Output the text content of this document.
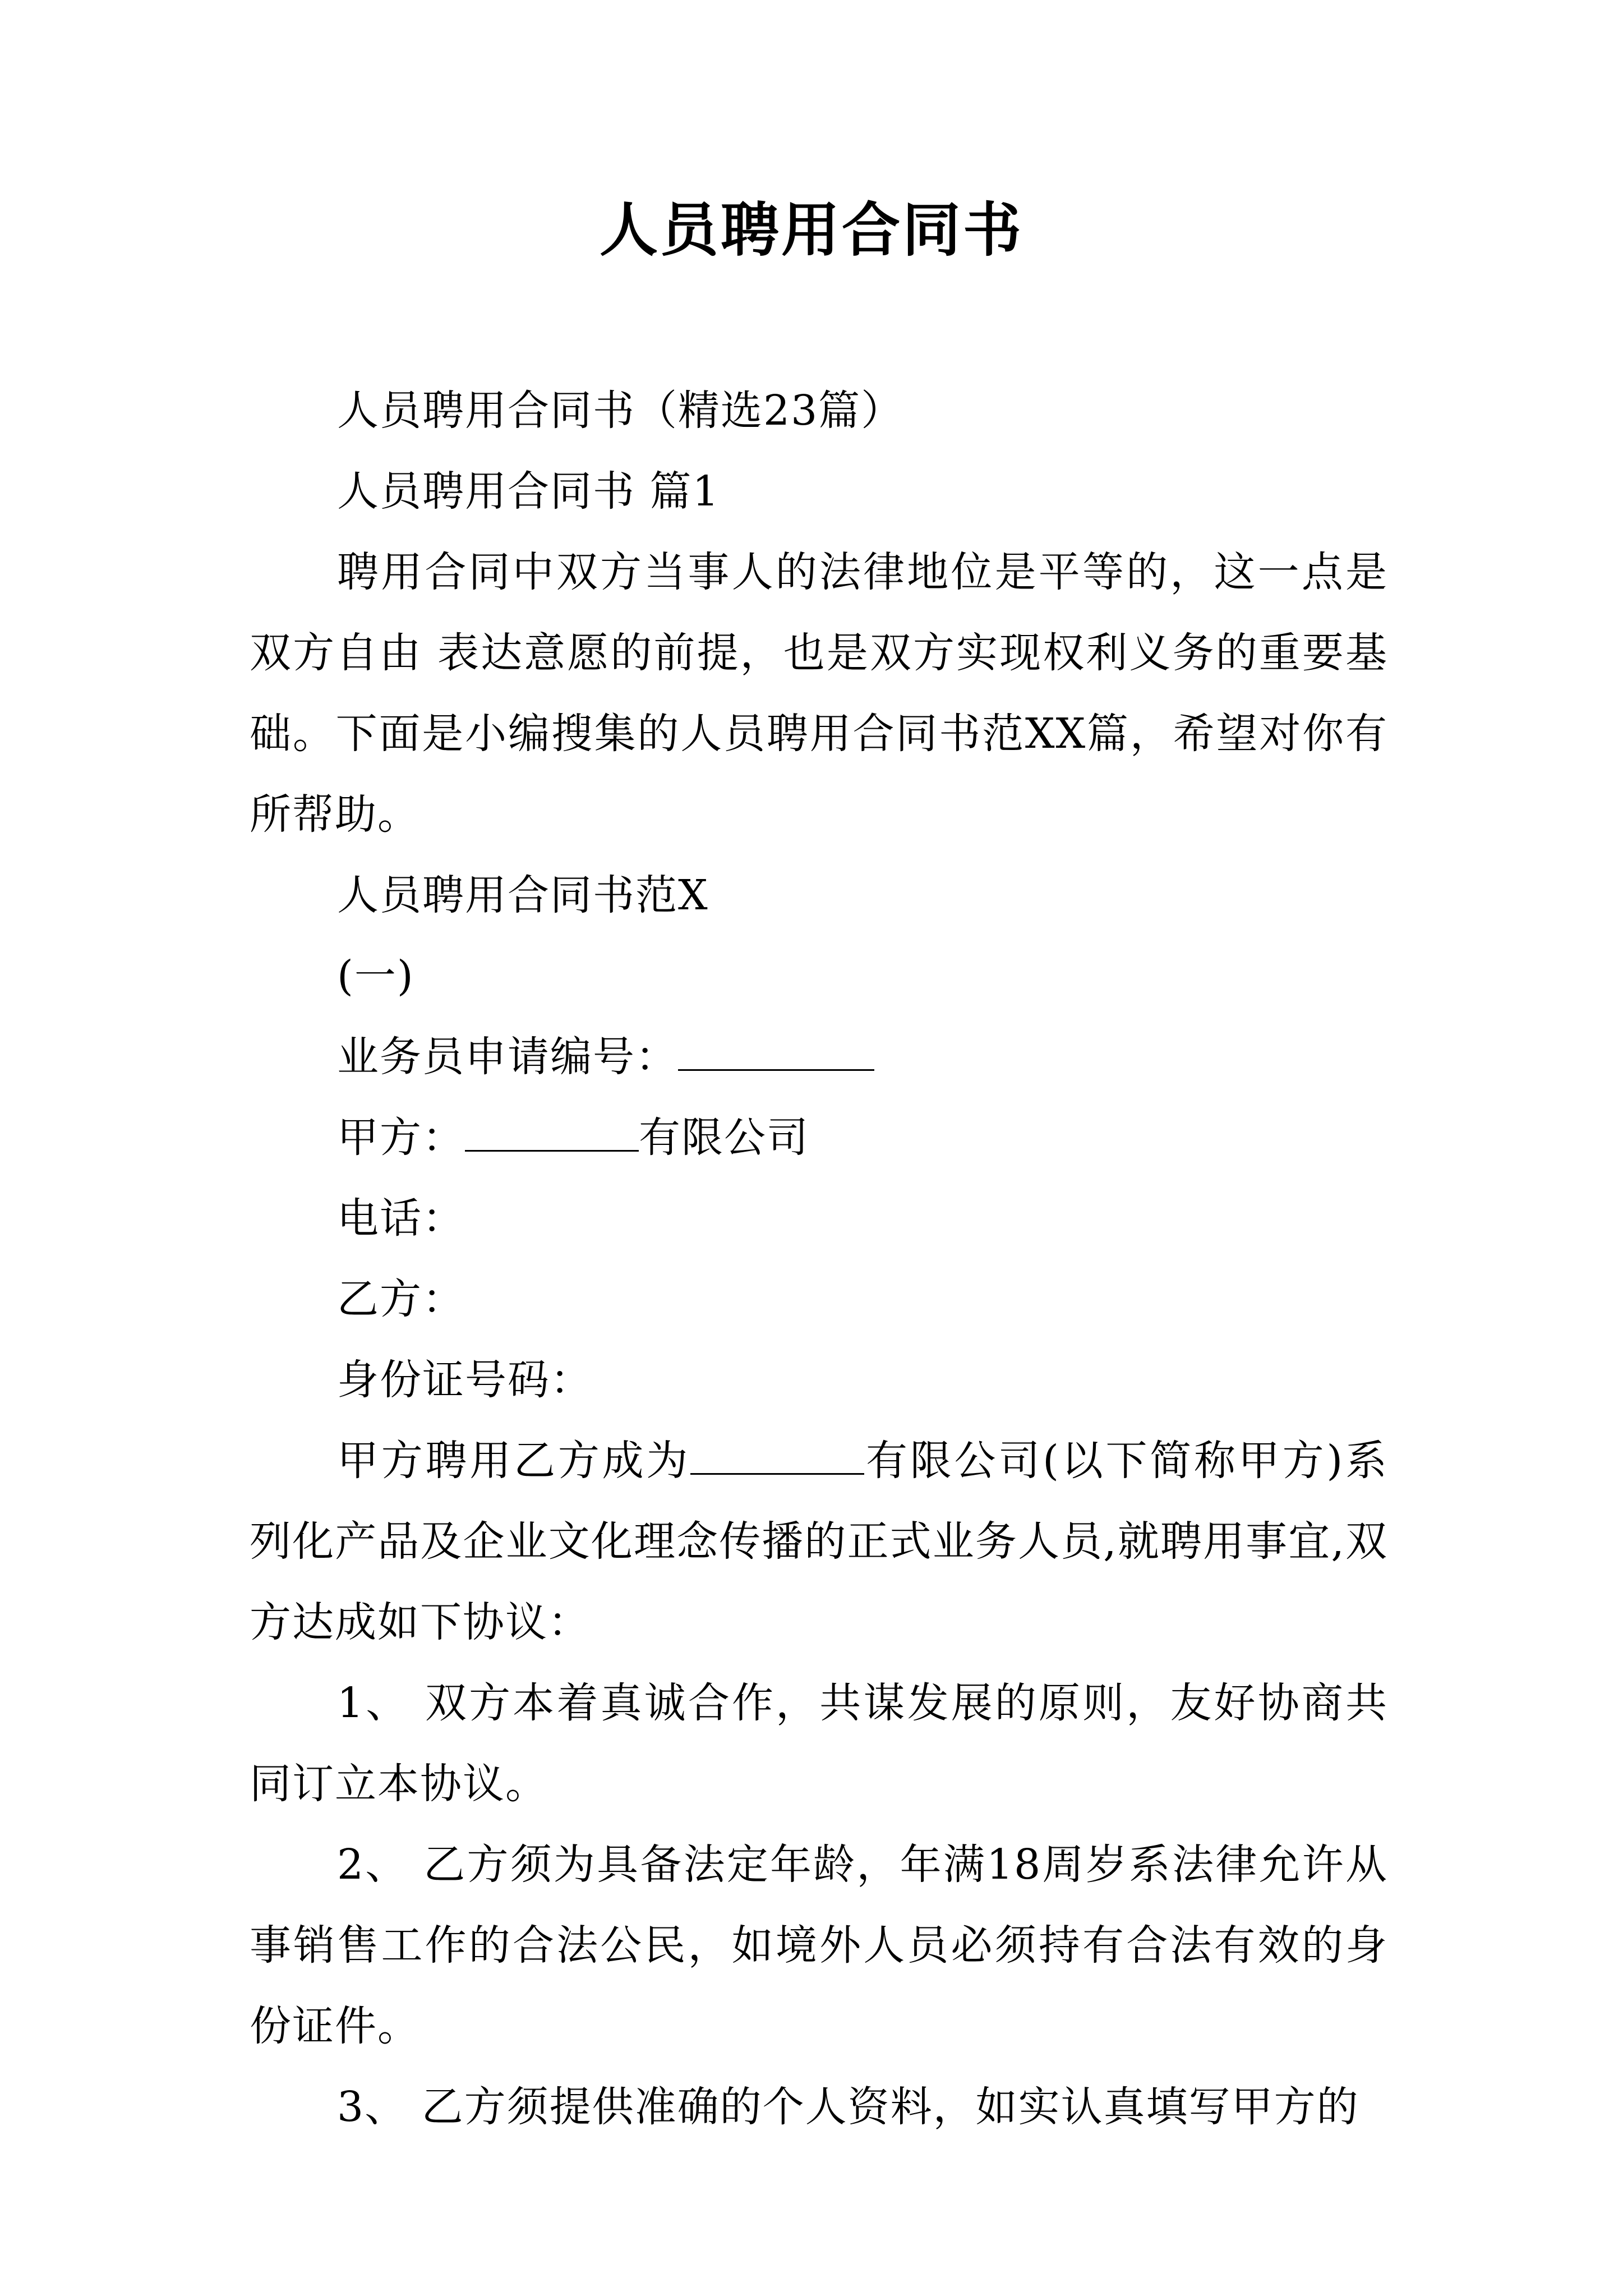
人员聘用合同书

人员聘用合同书（精选23篇）

人员聘用合同书 篇1

聘用合同中双方当事人的法律地位是平等的，这一点是双方自由 表达意愿的前提，也是双方实现权利义务的重要基础。下面是小编搜集的人员聘用合同书范XX篇，希望对你有所帮助。

人员聘用合同书范X

(一)

业务员申请编号：

甲方：	有限公司

电话：

乙方：

身份证号码：

甲方聘用乙方成为	有限公司(以下简称甲方)系列化产品及企业文化理念传播的正式业务人员,就聘用事宜,双方达成如下协议：

1、 双方本着真诚合作，共谋发展的原则，友好协商共同订立本协议。

2、 乙方须为具备法定年龄，年满18周岁系法律允许从事销售工作的合法公民，如境外人员必须持有合法有效的身份证件。

3、 乙方须提供准确的个人资料，如实认真填写甲方的
